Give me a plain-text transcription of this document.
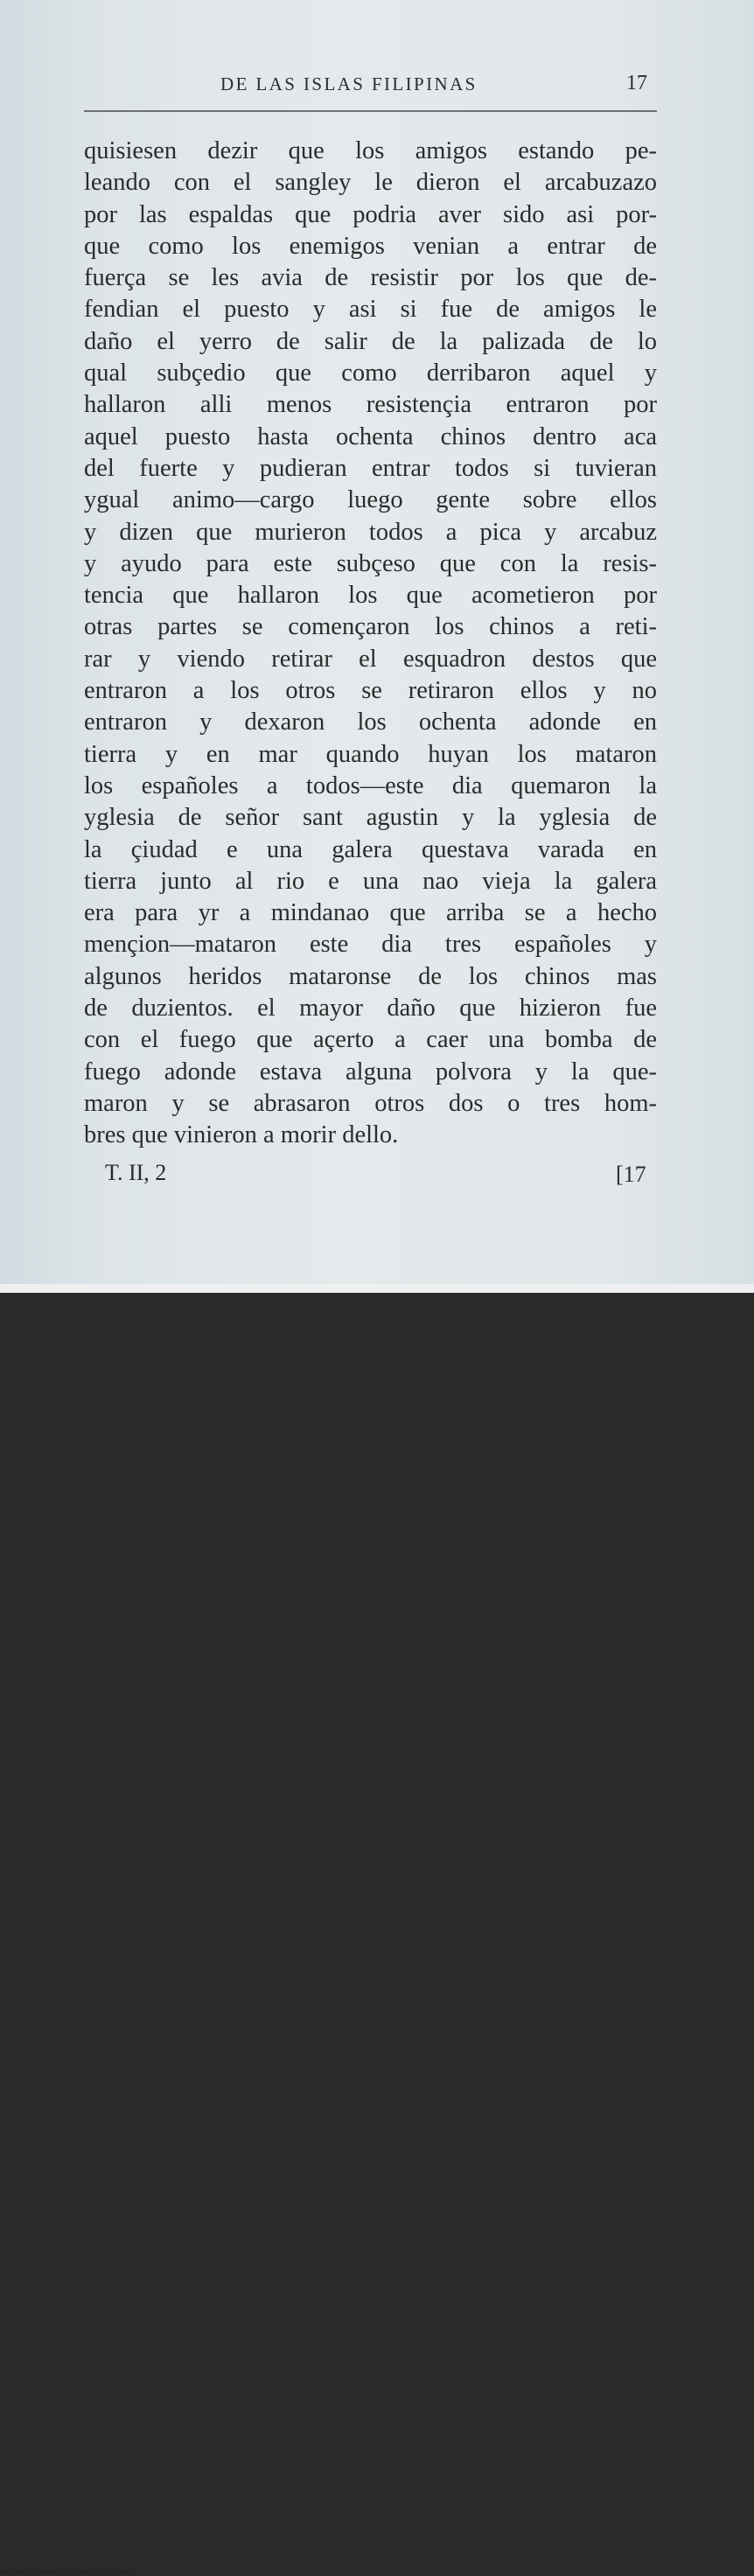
DE LAS ISLAS FILIPINAS	17
quisiesen dezir que los amigos estando pe-
leando con el sangley le dieron el arcabuzazo
por las espaldas que podria aver sido asi por-
que como los enemigos venian a entrar de
fuerça se les avia de resistir por los que de-
fendian el puesto y asi si fue de amigos le
daño el yerro de salir de la palizada de lo
qual subçedio que como derribaron aquel y
hallaron alli menos resistençia entraron por
aquel puesto hasta ochenta chinos dentro aca
del fuerte y pudieran entrar todos si tuvieran
ygual animo—cargo luego gente sobre ellos
y dizen que murieron todos a pica y arcabuz
y ayudo para este subçeso que con la resis-
tencia que hallaron los que acometieron por
otras partes se començaron los chinos a reti-
rar y viendo retirar el esquadron destos que
entraron a los otros se retiraron ellos y no
entraron y dexaron los ochenta adonde en
tierra y en mar quando huyan los mataron
los españoles a todos—este dia quemaron la
yglesia de señor sant agustin y la yglesia de
la çiudad e una galera questava varada en
tierra junto al rio e una nao vieja la galera
era para yr a mindanao que arriba se a hecho
mençion—mataron este dia tres españoles y
algunos heridos mataronse de los chinos mas
de duzientos. el mayor daño que hizieron fue
con el fuego que açerto a caer una bomba de
fuego adonde estava alguna polvora y la que-
maron y se abrasaron otros dos o tres hom-
bres que vinieron a morir dello.
T. II, 2	[17
National Library of the Philippines
